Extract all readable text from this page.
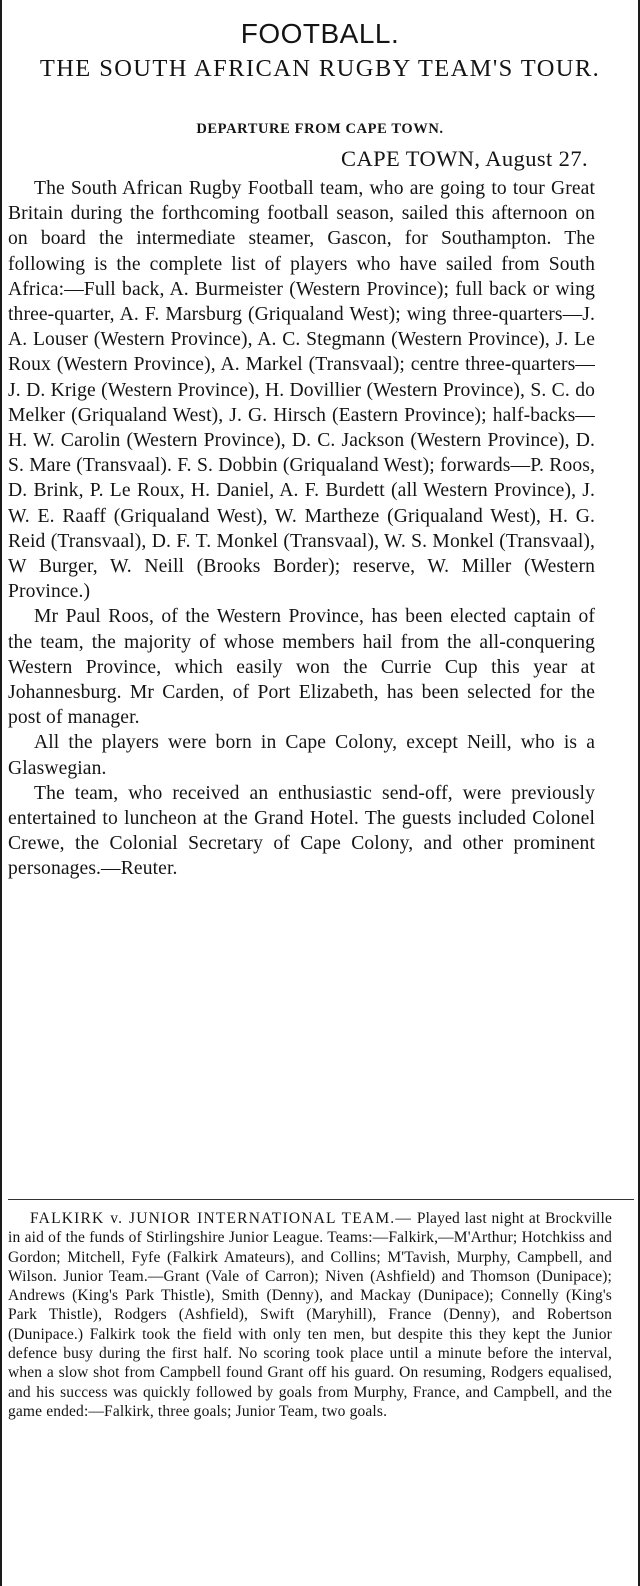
FOOTBALL.
THE SOUTH AFRICAN RUGBY TEAM'S TOUR.
DEPARTURE FROM CAPE TOWN.
CAPE TOWN, August 27.

The South African Rugby Football team, who are going to tour Great Britain during the forthcoming football season, sailed this afternoon on on board the intermediate steamer, Gascon, for Southampton. The following is the complete list of players who have sailed from South Africa:—Full back, A. Burmeister (Western Province); full back or wing three-quarter, A. F. Marsburg (Griqualand West); wing three-quarters—J. A. Louser (Western Province), A. C. Stegmann (Western Province), J. Le Roux (Western Province), A. Markel (Transvaal); centre three-quarters—J. D. Krige (Western Province), H. Dovillier (Western Province), S. C. do Melker (Griqualand West), J. G. Hirsch (Eastern Province); half-backs—H. W. Carolin (Western Province), D. C. Jackson (Western Province), D. S. Mare (Transvaal). F. S. Dobbin (Griqualand West); forwards—P. Roos, D. Brink, P. Le Roux, H. Daniel, A. F. Burdett (all Western Province), J. W. E. Raaff (Griqualand West), W. Martheze (Griqualand West), H. G. Reid (Transvaal), D. F. T. Monkel (Transvaal), W. S. Monkel (Transvaal), W Burger, W. Neill (Brooks Border); reserve, W. Miller (Western Province.)

Mr Paul Roos, of the Western Province, has been elected captain of the team, the majority of whose members hail from the all-conquering Western Province, which easily won the Currie Cup this year at Johannesburg. Mr Carden, of Port Elizabeth, has been selected for the post of manager.

All the players were born in Cape Colony, except Neill, who is a Glaswegian.

The team, who received an enthusiastic send-off, were previously entertained to luncheon at the Grand Hotel. The guests included Colonel Crewe, the Colonial Secretary of Cape Colony, and other prominent personages.—Reuter.

FALKIRK v. JUNIOR INTERNATIONAL TEAM.— Played last night at Brockville in aid of the funds of Stirlingshire Junior League. Teams:—Falkirk,—M'Arthur; Hotchkiss and Gordon; Mitchell, Fyfe (Falkirk Amateurs), and Collins; M'Tavish, Murphy, Campbell, and Wilson. Junior Team.—Grant (Vale of Carron); Niven (Ashfield) and Thomson (Dunipace); Andrews (King's Park Thistle), Smith (Denny), and Mackay (Dunipace); Connelly (King's Park Thistle), Rodgers (Ashfield), Swift (Maryhill), France (Denny), and Robertson (Dunipace.) Falkirk took the field with only ten men, but despite this they kept the Junior defence busy during the first half. No scoring took place until a minute before the interval, when a slow shot from Campbell found Grant off his guard. On resuming, Rodgers equalised, and his success was quickly followed by goals from Murphy, France, and Campbell, and the game ended:—Falkirk, three goals; Junior Team, two goals.
